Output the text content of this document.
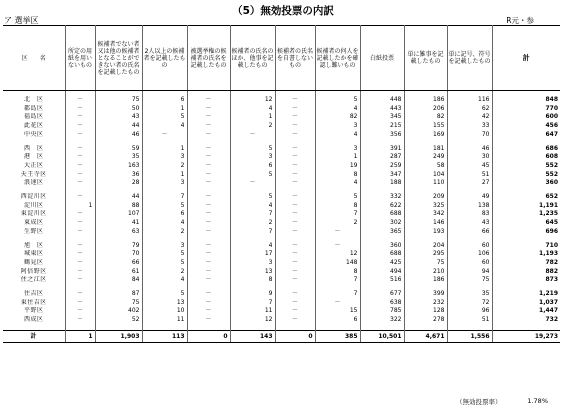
（5）無効投票の内訳
ア 選挙区	R元・参
区　　名	所定の用紙を用いないもの	候補者でない者又は他の候補者となることができない者の氏名を記載したもの	2人以上の候補者を記載したもの	被選挙権の候補者の氏名を記載したもの	候補者の氏名のほか、他事を記載したもの	候補者の氏名を自書しないもの	候補者の何人を記載したかを確認し難いもの	白紙投票	単に雑事を記載したもの	単に記号、符号を記載したもの	計

北　区	－	75	6	－	12	－	5	448	186	116	848
都島区	－	50	1	－	4	－	4	443	206	62	770
福島区	－	43	5	－	1	－	82	345	82	42	600
此花区	－	44	4	－	2	－	3	215	155	33	456
中央区	－	46	－	－	－	－	4	356	169	70	647

西　区	－	59	1	－	5	－	3	391	181	46	686
港　区	－	35	3	－	3	－	1	287	249	30	608
大正区	－	163	2	－	6	－	19	259	58	45	552
天王寺区	－	36	1	－	5	－	8	347	104	51	552
浪速区	－	28	3	－	－	－	4	188	110	27	360

西淀川区	－	44	7	－	5	－	5	332	209	49	652
淀川区	1	88	5	－	4	－	8	622	325	138	1,191
東淀川区	－	107	6	－	7	－	7	688	342	83	1,235
東成区	－	41	4	－	2	－	2	302	146	43	645
生野区	－	63	2	－	7	－	－	365	193	66	696

旭　区	－	79	3	－	4	－	－	360	204	60	710
城東区	－	70	5	－	17	－	12	688	295	106	1,193
鶴見区	－	66	5	－	3	－	148	425	75	60	782
阿倍野区	－	61	2	－	13	－	8	494	210	94	882
住之江区	－	84	4	－	8	－	7	516	186	75	873

住吉区	－	87	5	－	9	－	7	677	399	35	1,219
東住吉区	－	75	13	－	7	－	－	638	232	72	1,037
平野区	－	402	10	－	11	－	15	785	128	96	1,447
西成区	－	52	11	－	12	－	6	322	278	51	732

計	1	1,903	113	0	143	0	385	10,501	4,671	1,556	19,273
（無効投票率）	1.78%
